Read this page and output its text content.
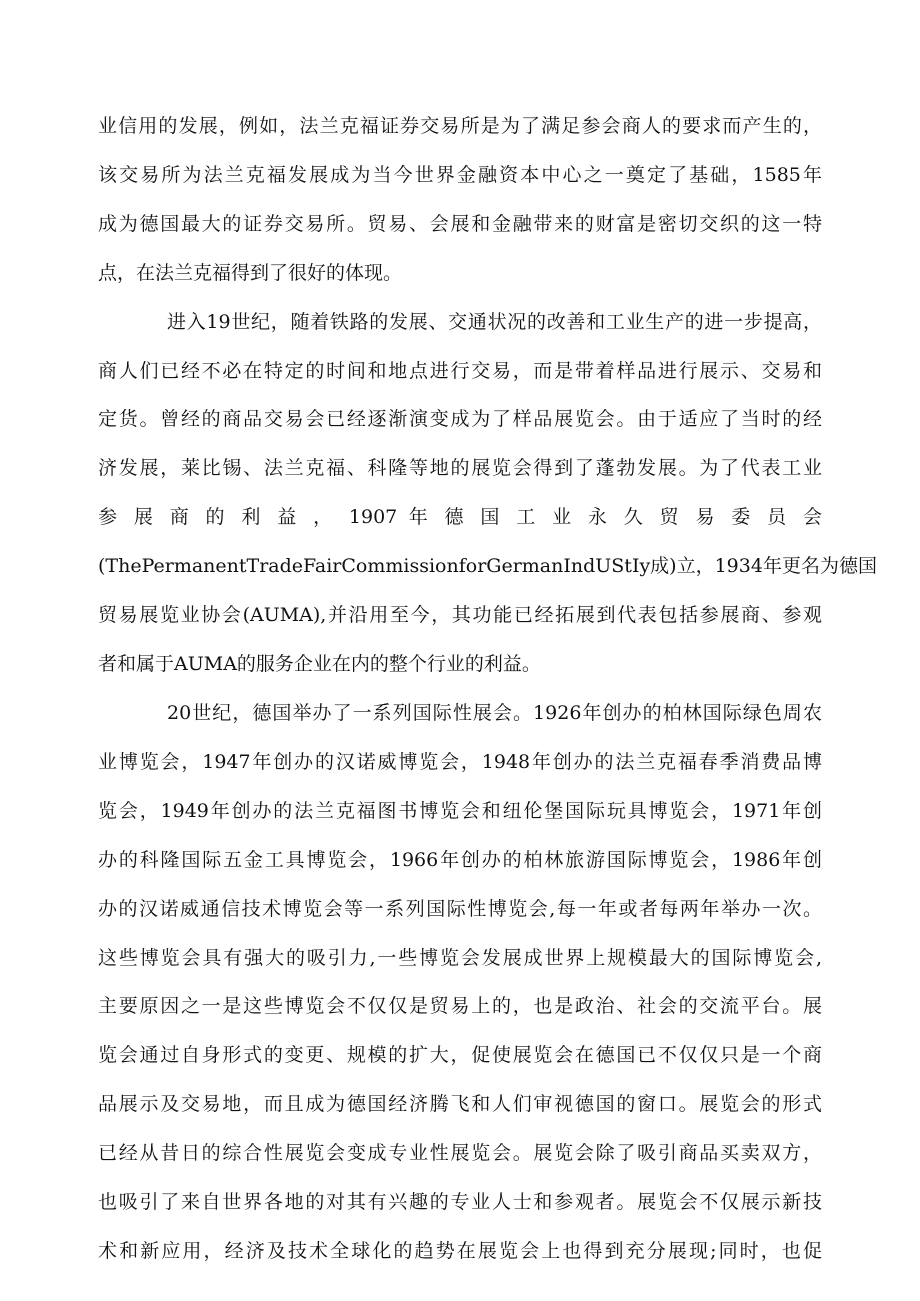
业信用的发展，例如，法兰克福证券交易所是为了满足参会商人的要求而产生的，
该交易所为法兰克福发展成为当今世界金融资本中心之一奠定了基础，1585年
成为德国最大的证券交易所。贸易、会展和金融带来的财富是密切交织的这一特
点，在法兰克福得到了很好的体现。
进入19世纪，随着铁路的发展、交通状况的改善和工业生产的进一步提高，
商人们已经不必在特定的时间和地点进行交易，而是带着样品进行展示、交易和
定货。曾经的商品交易会已经逐渐演变成为了样品展览会。由于适应了当时的经
济发展，莱比锡、法兰克福、科隆等地的展览会得到了蓬勃发展。为了代表工业
参 展 商 的 利 益 ， 1907 年 德 国 工 业 永 久 贸 易 委 员 会
(ThePermanentTradeFairCommissionforGermanIndUStIy成)立，1934年更名为德国
贸易展览业协会(AUMA),并沿用至今，其功能已经拓展到代表包括参展商、参观
者和属于AUMA的服务企业在内的整个行业的利益。
20世纪，德国举办了一系列国际性展会。1926年创办的柏林国际绿色周农
业博览会，1947年创办的汉诺威博览会，1948年创办的法兰克福春季消费品博
览会，1949年创办的法兰克福图书博览会和纽伦堡国际玩具博览会，1971年创
办的科隆国际五金工具博览会，1966年创办的柏林旅游国际博览会，1986年创
办的汉诺威通信技术博览会等一系列国际性博览会,每一年或者每两年举办一次。
这些博览会具有强大的吸引力,一些博览会发展成世界上规模最大的国际博览会,
主要原因之一是这些博览会不仅仅是贸易上的，也是政治、社会的交流平台。展
览会通过自身形式的变更、规模的扩大，促使展览会在德国已不仅仅只是一个商
品展示及交易地，而且成为德国经济腾飞和人们审视德国的窗口。展览会的形式
已经从昔日的综合性展览会变成专业性展览会。展览会除了吸引商品买卖双方，
也吸引了来自世界各地的对其有兴趣的专业人士和参观者。展览会不仅展示新技
术和新应用，经济及技术全球化的趋势在展览会上也得到充分展现;同时，也促
